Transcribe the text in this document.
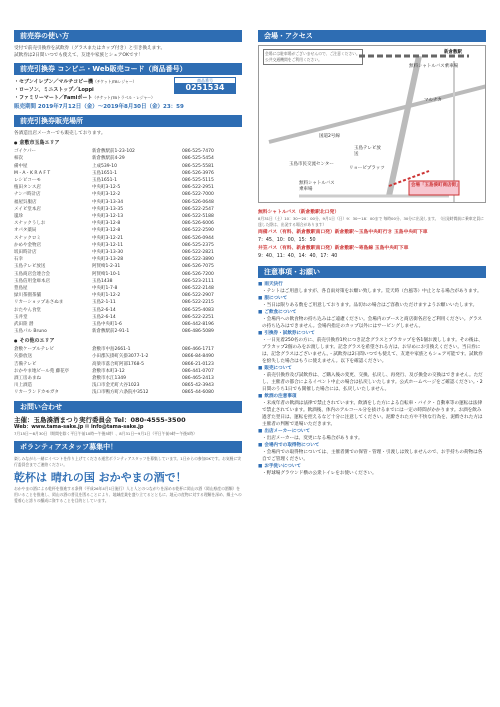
前売券の使い方
受付で前売引換券を試飲券（グラスまたはカップ付き）と引き換えます。
試飲券は2日間いつでも使えて、友達や家族とシェアOKです！
前売引換券 コンビニ・Web販売コード（商品番号）
商品番号
0251534
・セブンイレブン／マルチコピー機（チケットJTBレジャー）
・ローソン、ミニストップ／Loppi
・ファミリーマート／Famiポート（チケットJTBトラベル・レジャー）
販売期間 2019年7月12日（金）～2019年8月30日（金）23：59
前売引換券販売場所
各酒造出店メーカーでも販売しております。
● 倉敷市玉島エリア
ゴイケパー	新倉敷駅前1-23-102	086-525-7470
柿次	新倉敷駅前4-29	086-525-5454
備中屋	上成539-10	086-525-5581
M・A・K R A F T	玉島1651-1	086-526-3976
レシピコーモ	玉島1651-1	086-525-5115
植田タンス店	中央町3-12-5	086-522-2951
ナンバ時計店	中央町3-12-2	086-522-7000
福屋呉服店	中央町3-13-34	086-526-0648
メイビ堂本店	中央町3-13-35	086-522-2547
嵐珍	中央町3-12-13	086-522-5188
スナックうしお	中央町3-12-8	086-526-6006
オパタ薬局	中央町3-12-8	086-522-2590
スナックロミ	中央町3-12-21	086-526-0944
かめや金物店	中央町3-12-11	086-525-2375
坂田時計店	中央町3-13-30	086-522-2821
石幸	中央町3-13-28	086-522-3890
玉島テレビ放送	阿賀崎1-2-31	086-526-7075
玉島商店会連合会	阿賀崎1-10-1	086-526-7200
玉島信用金庫本店	玉島1438	086-523-2111
豊島屋	中央町1-7-8	086-522-2148
緑川茶園茶舗	中央町1-12-2	086-522-2907
リカーショップあさぬま	玉島2-1-11	086-522-2215
おたやん食堂	玉島2-6-14	086-525-4083
玉井堂	玉島2-6-14	086-522-2251
武田陸 潜	玉島中央町1-6	086-442-8196
玉島パル Bruno	新倉敷駅前2-91-1	086-486-5089
● その他のエリア
倉敷ケーブルテレビ	倉敷市中島2661-1	086-466-1717
矢掛放送	小田郡矢掛町矢掛3077-1-2	0866-84-8490
吉備テレビ	高梁市落合町阿部1768-5	0866-21-0123
おかやま地ビール苑 藤花亭	倉敷市本町3-12	086-441-0707
酒工房あまね	倉敷市水江1349	086-465-2413
川上酒造	浅口市金光町大谷1023	0865-42-3943
リカーランドカモガタ	浅口市鴨方町六条院中3512	0865-44-6080
お問い合わせ
主催：玉島湊酒まつり実行委員会 Tel：080-4555-3500
Web：www.tama-sake.jp ✉ info@tama-sake.jp
7月15日～8月30日（期間を除く平日午前10時～午後5時）、8月31日～9月1日（平日午前9時～午後5時）
ボランティアスタッフ募集中！
楽しみながら一緒にイベントを作り上げてくださる運営ボランティアスタッフを募集しています。1日からの参加OKです。お気軽に実行委員会までご連絡ください。
乾杯は 晴れの国 おかやまの酒で！
おかやまの酒による乾杯を推進する条例（平成26年4月1日施行）人と人とのつながりを深める乾杯に岡山の酒（岡山県産の酒類）を用いることを推進し、岡山の酒の普及を図ることにより、地域産業を盛り立てるとともに、地元の産物に対する理解を深め、郷土への愛着心と誇りの醸成に資することを目的としています。
会場・アクセス
会場には駐車場がございませんので、ご注意ください。公共交通機関をご利用ください。
無料シャトルバス乗車場
新倉敷駅
マルナカ
国道2号線
玉島テレビ放送
玉島市民交流センター
リョービプラッツ
無料シャトルバス乗車場
会場「玉島湊町商店街」
無料シャトルバス（新倉敷駅北口発）
8月31日（土）10：30～20：00分、9月1日（日）9：30～18：00まで 毎時00分、30分に出発します。（出発時間前に乗車定員に達した際は、出発する場合があります）
両備バス（有料、新倉敷駅南口発）新倉敷駅～玉島中央町行き 玉島中央町下車
7：45、10：00、15：50
井笠バス（有料、新倉敷駅南口発）新倉敷駅～寄島線 玉島中央町下車
9：40、11：40、14：40、17：40
注意事項・お願い
■ 雨天決行
・テントはご用意しますが、各自雨対策をお願い致します。荒天時（台風等）中止となる場合があります。
■ 服について
・当日は限りある数をご用意しております。品切れの場合はご容赦いただけますようお願いいたします。
■ ご飲食について
・会場内への飲食物の持ち込みはご遠慮ください。会場内のブースと商店街各店をご利用ください。グラスの持ち込みはできません。会場内指定のカップ以外にはサービングしません。
■ 引換券・試飲券について
・一日先着250名の方に、前売引換券1枚につき記念グラスとプラカップを各1個お渡しします。その後は、プラカップ2個のみをお渡しします。記念グラスを希望される方は、お早めにお引換えください。当日券には、記念グラスはございません。・試飲券は2日間いつでも使えて、友達や家族ともシェア可能です。試飲券を紛失した場合はもうに使えません。以下を確認ください。
■ 販売について
・前売引換券及び試飲券は、ご購入後の変更、交換、払戻し、再発行、及び換金の交換はできません。ただし、主催者の都合によるイベント中止の場合は払戻しいたします。公式ホームページをご確認ください。・2日間のうち1日でも開催した場合には、払戻しいたしません。
■ 飲酒の注意事項
・未成年者の飲酒は法律で禁止されています。飲酒をした方による自転車・バイク・自動車等の運転は法律で禁止されています。飲酒後、体内のアルコール分を抜けるまでには一定の時間がかかります。お酒を飲み過ぎた翌日は、運転を控えるなど十分に注意してください。泥酔された方や不快な行為を、泥酔された方は主催者の判断で退場いただきます。
■ 出店メーカーについて
・出店メーカーは、変更になる場合があります。
■ 会場内での取得物について
・会場内での取得物については、主催者側での保管・管理・引渡しは致しませんので、お手持ちの荷物は各自でご管理ください。
■ お手洗いについて
・野球場グラウンド横の公衆トイレをお使いください。
